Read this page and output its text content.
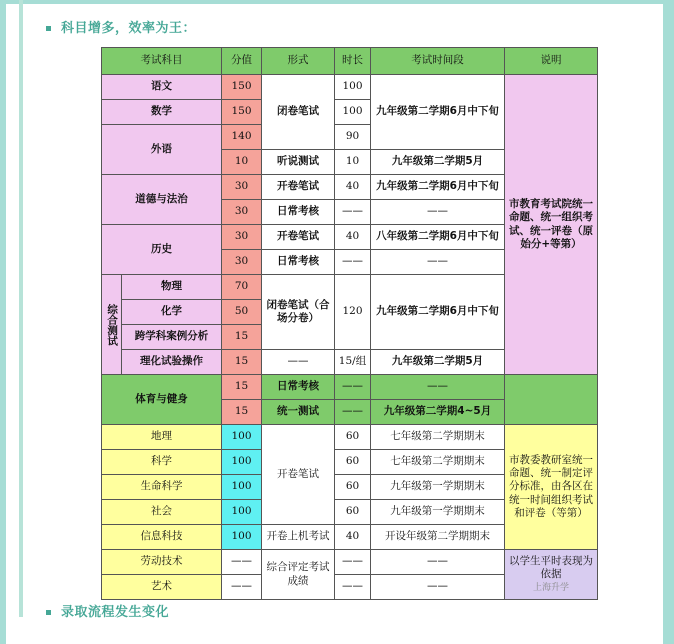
科目增多，效率为王：
考试科目		分值	形式	时长	考试时间段	说明
语文		150	闭卷笔试	100	九年级第二学期6月中下旬	市教育考试院统一命题、统一组织考试、统一评卷（原始分+等第）
数学		150		100		
外语		140		90		
		10	听说测试	10	九年级第二学期5月	
道德与法治		30	开卷笔试	40	九年级第二学期6月中下旬	
		30	日常考核	——	——	
历史		30	开卷笔试	40	八年级第二学期6月中下旬	
		30	日常考核	——	——	
综合测试	物理	70	闭卷笔试（合场分卷）	120	九年级第二学期6月中下旬	
	化学	50				
	跨学科案例分析	15				
	理化试验操作	15	——	15/组	九年级第二学期5月	
体育与健身		15	日常考核	——	——	
		15	统一测试	——	九年级第二学期4~5月	
地理		100	开卷笔试	60	七年级第二学期期末	市教委教研室统一命题、统一制定评分标准，由各区在统一时间组织考试和评卷（等第）
科学		100		60	七年级第二学期期末	
生命科学		100		60	九年级第一学期期末	
社会		100		60	九年级第一学期期末	
信息科技		100	开卷上机考试	40	开设年级第二学期期末	
劳动技术		——	综合评定考试成绩	——	——	以学生平时表现为依据
上海升学

艺术		——		——	——	
录取流程发生变化
